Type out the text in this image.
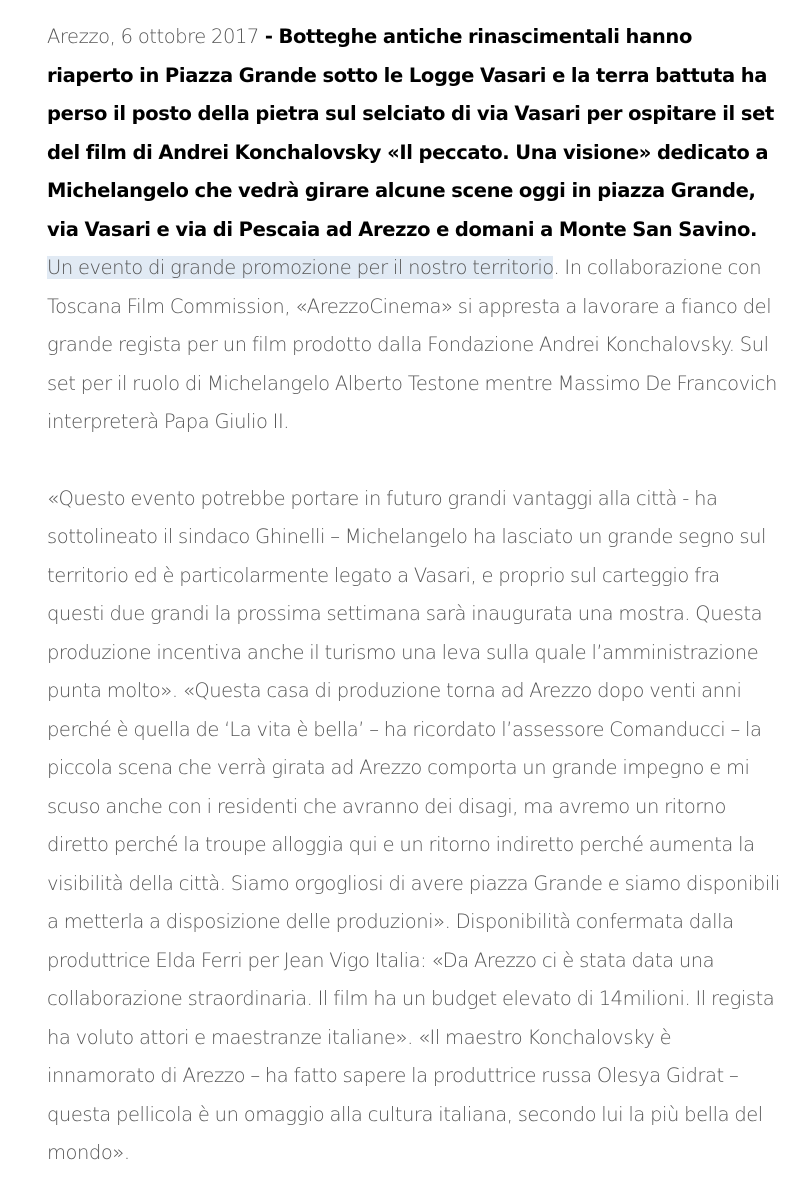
Arezzo, 6 ottobre 2017 - Botteghe antiche rinascimentali hanno riaperto in Piazza Grande sotto le Logge Vasari e la terra battuta ha perso il posto della pietra sul selciato di via Vasari per ospitare il set del film di Andrei Konchalovsky «Il peccato. Una visione» dedicato a Michelangelo che vedrà girare alcune scene oggi in piazza Grande, via Vasari e via di Pescaia ad Arezzo e domani a Monte San Savino. Un evento di grande promozione per il nostro territorio. In collaborazione con Toscana Film Commission, «ArezzoCinema» si appresta a lavorare a fianco del grande regista per un film prodotto dalla Fondazione Andrei Konchalovsky. Sul set per il ruolo di Michelangelo Alberto Testone mentre Massimo De Francovich interpreterà Papa Giulio II.

«Questo evento potrebbe portare in futuro grandi vantaggi alla città - ha sottolineato il sindaco Ghinelli – Michelangelo ha lasciato un grande segno sul territorio ed è particolarmente legato a Vasari, e proprio sul carteggio fra questi due grandi la prossima settimana sarà inaugurata una mostra. Questa produzione incentiva anche il turismo una leva sulla quale l’amministrazione punta molto». «Questa casa di produzione torna ad Arezzo dopo venti anni perché è quella de ‘La vita è bella’ – ha ricordato l’assessore Comanducci – la piccola scena che verrà girata ad Arezzo comporta un grande impegno e mi scuso anche con i residenti che avranno dei disagi, ma avremo un ritorno diretto perché la troupe alloggia qui e un ritorno indiretto perché aumenta la visibilità della città. Siamo orgogliosi di avere piazza Grande e siamo disponibili a metterla a disposizione delle produzioni». Disponibilità confermata dalla produttrice Elda Ferri per Jean Vigo Italia: «Da Arezzo ci è stata data una collaborazione straordinaria. Il film ha un budget elevato di 14milioni. Il regista ha voluto attori e maestranze italiane». «Il maestro Konchalovsky è innamorato di Arezzo – ha fatto sapere la produttrice russa Olesya Gidrat – questa pellicola è un omaggio alla cultura italiana, secondo lui la più bella del mondo».
